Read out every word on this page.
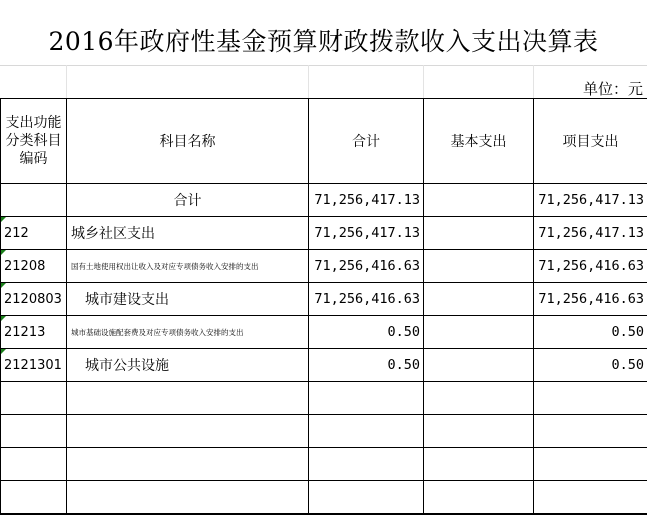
2016年政府性基金预算财政拨款收入支出决算表
单位：元
支出功能分类科目编码	科目名称	合计	基本支出	项目支出
	合计	71,256,417.13		71,256,417.13

212	城乡社区支出	71,256,417.13		71,256,417.13

21208	国有土地使用权出让收入及对应专项债务收入安排的支出	71,256,416.63		71,256,416.63

2120803	城市建设支出	71,256,416.63		71,256,416.63

21213	城市基础设施配套费及对应专项债务收入安排的支出	0.50		0.50

2121301	城市公共设施	0.50		0.50
